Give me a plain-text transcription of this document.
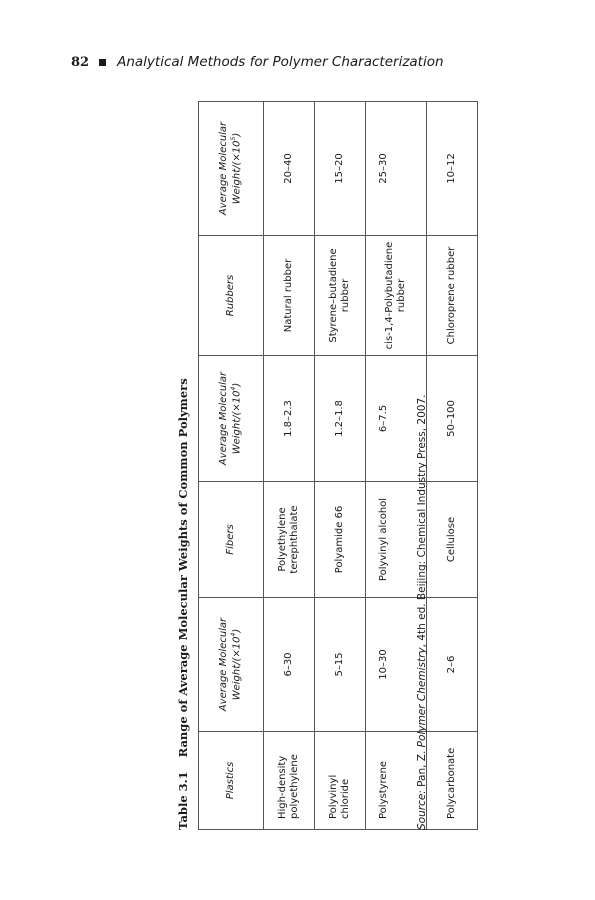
82 Analytical Methods for Polymer Characterization
Table 3.1
Range of Average Molecular Weights of Common Polymers
Plastics	Average Molecular Weight/$(\times 10^4)$	Fibers	Average Molecular Weight/$(\times 10^4)$	Rubbers	Average Molecular Weight/$(\times 10^5)$
High-density polyethylene	6–30	Polyethylene terephthalate	1.8–2.3	Natural rubber	20–40
Polyvinyl chloride	5–15	Polyamide 66	1.2–1.8	Styrene–butadiene rubber	15–20
Polystyrene	10–30	Polyvinyl alcohol	6–7.5	cis-1,4-Polybutadiene rubber	25–30
Polycarbonate	2–6	Cellulose	50–100	Chloroprene rubber	10–12
Source: Pan, Z. Polymer Chemistry, 4th ed. Beijing: Chemical Industry Press, 2007.
